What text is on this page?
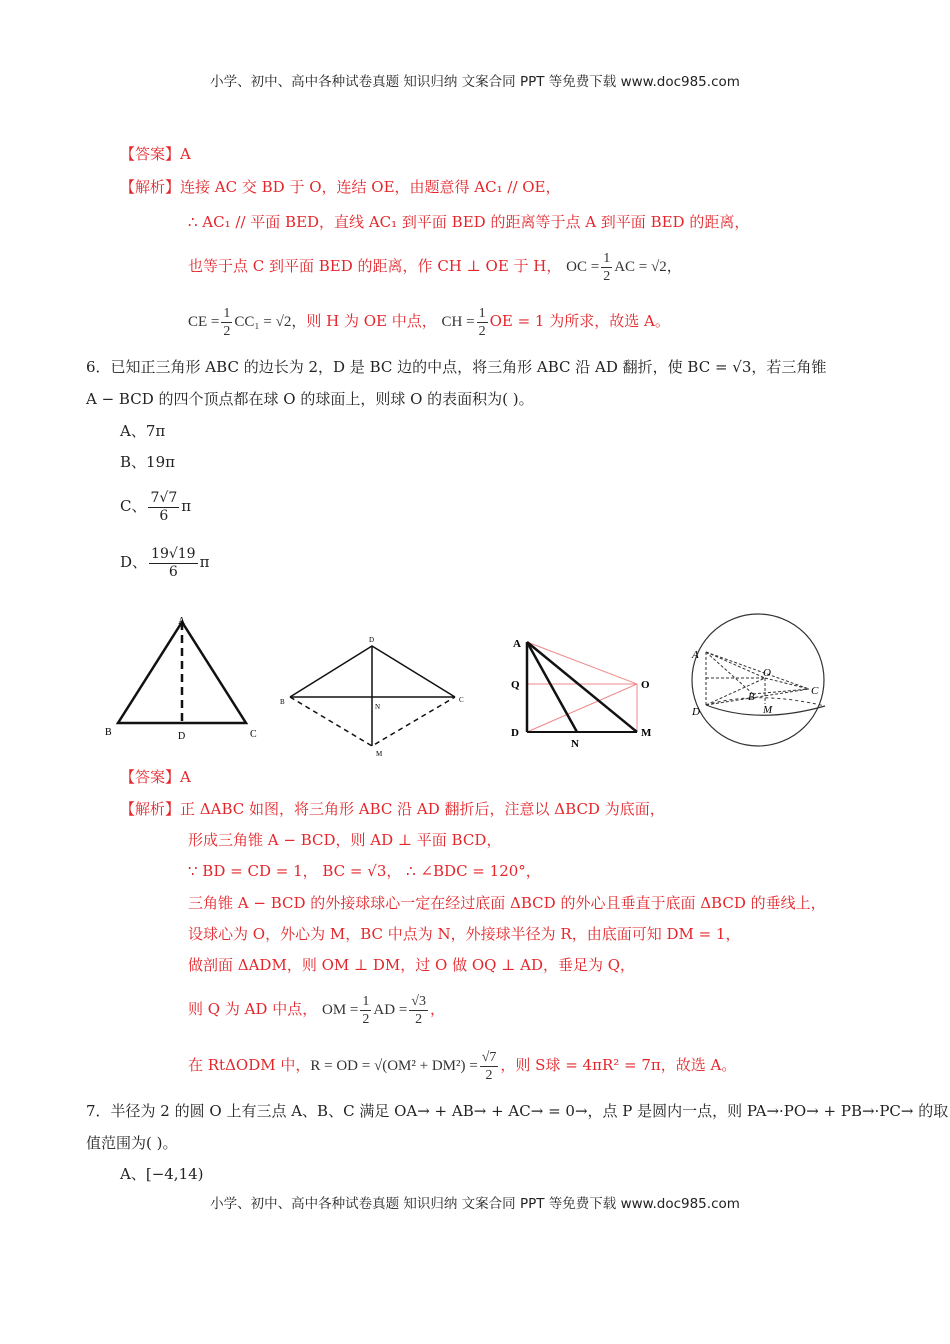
小学、初中、高中各种试卷真题 知识归纳 文案合同 PPT 等免费下载 www.doc985.com
【答案】A
【解析】连接 AC 交 BD 于 O，连结 OE，由题意得 AC₁ // OE，
∴ AC₁ // 平面 BED，直线 AC₁ 到平面 BED 的距离等于点 A 到平面 BED 的距离，
也等于点 C 到平面 BED 的距离，作 CH ⊥ OE 于 H， OC = $\frac{1}{2}$ AC = √2，
CE = $\frac{1}{2} CC_1 = √2$，则 H 为 OE 中点， CH = $\frac{1}{2}$ OE = 1 为所求，故选 A。
6．已知正三角形 ABC 的边长为 2，D 是 BC 边的中点，将三角形 ABC 沿 AD 翻折，使 BC = √3，若三角锥
A − BCD 的四个顶点都在球 O 的球面上，则球 O 的表面积为( )。
A、7π
B、19π
C、 $\frac{7√7}{6}$ π
D、 $\frac{19√19}{6}$ π
A
B	D	C
D
B	C
N
M
A
Q
D
N
O
M
A
O
B	C
D	M
【答案】A
【解析】正 ΔABC 如图，将三角形 ABC 沿 AD 翻折后，注意以 ΔBCD 为底面，
形成三角锥 A − BCD，则 AD ⊥ 平面 BCD，
∵ BD = CD = 1， BC = √3， ∴ ∠BDC = 120°，
三角锥 A − BCD 的外接球球心一定在经过底面 ΔBCD 的外心且垂直于底面 ΔBCD 的垂线上，
设球心为 O，外心为 M，BC 中点为 N，外接球半径为 R，由底面可知 DM = 1，
做剖面 ΔADM，则 OM ⊥ DM，过 O 做 OQ ⊥ AD，垂足为 Q，
则 Q 为 AD 中点， OM = $\frac{1}{2}$ AD = $\frac{√3}{2}$ ，
在 RtΔODM 中，R = OD = $√(OM^2 + DM^2) = \frac{√7}{2}$ ，则 S球 = 4πR² = 7π，故选 A。
7．半径为 2 的圆 O 上有三点 A、B、C 满足 OA→ + AB→ + AC→ = 0→，点 P 是圆内一点，则 PA→·PO→ + PB→·PC→ 的取
值范围为( )。
A、[−4,14)
小学、初中、高中各种试卷真题 知识归纳 文案合同 PPT 等免费下载 www.doc985.com
